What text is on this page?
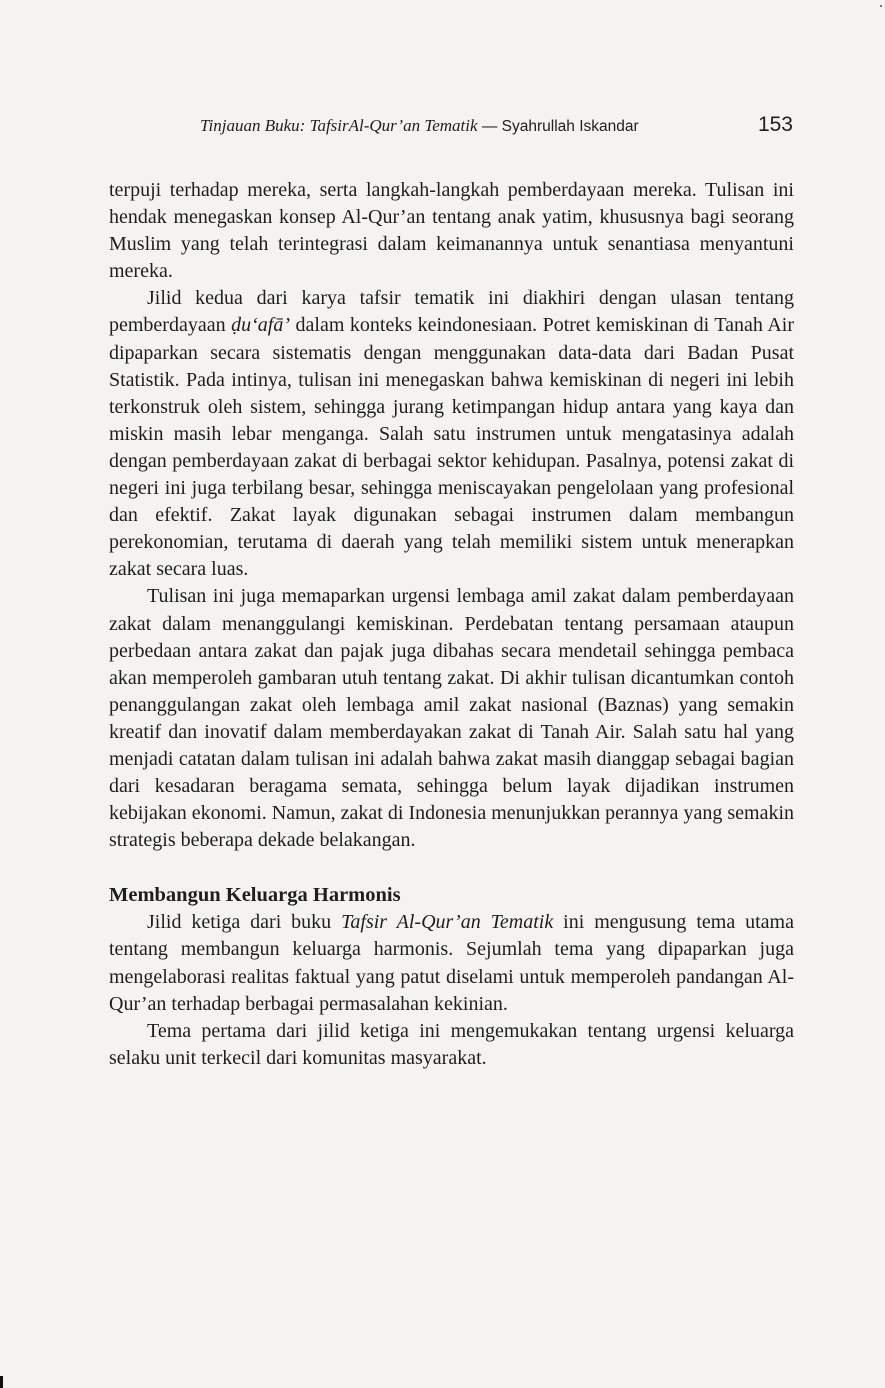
Tinjauan Buku: TafsirAl-Qur’an Tematik — Syahrullah Iskandar	153

terpuji terhadap mereka, serta langkah-langkah pemberdayaan mereka. Tulisan ini hendak menegaskan konsep Al-Qur’an tentang anak yatim, khususnya bagi seorang Muslim yang telah terintegrasi dalam keimanannya untuk senantiasa menyantuni mereka.

Jilid kedua dari karya tafsir tematik ini diakhiri dengan ulasan tentang pemberdayaan ḍu‘afā’ dalam konteks keindonesiaan. Potret kemiskinan di Tanah Air dipaparkan secara sistematis dengan menggunakan data-data dari Badan Pusat Statistik. Pada intinya, tulisan ini menegaskan bahwa kemiskinan di negeri ini lebih terkonstruk oleh sistem, sehingga jurang ketimpangan hidup antara yang kaya dan miskin masih lebar menganga. Salah satu instrumen untuk mengatasinya adalah dengan pemberdayaan zakat di berbagai sektor kehidupan. Pasalnya, potensi zakat di negeri ini juga terbilang besar, sehingga meniscayakan pengelolaan yang profesional dan efektif. Zakat layak digunakan sebagai instrumen dalam membangun perekonomian, terutama di daerah yang telah memiliki sistem untuk menerapkan zakat secara luas.

Tulisan ini juga memaparkan urgensi lembaga amil zakat dalam pemberdayaan zakat dalam menanggulangi kemiskinan. Perdebatan tentang persamaan ataupun perbedaan antara zakat dan pajak juga dibahas secara mendetail sehingga pembaca akan memperoleh gambaran utuh tentang zakat. Di akhir tulisan dicantumkan contoh penanggulangan zakat oleh lembaga amil zakat nasional (Baznas) yang semakin kreatif dan inovatif dalam memberdayakan zakat di Tanah Air. Salah satu hal yang menjadi catatan dalam tulisan ini adalah bahwa zakat masih dianggap sebagai bagian dari kesadaran beragama semata, sehingga belum layak dijadikan instrumen kebijakan ekonomi. Namun, zakat di Indonesia menunjukkan perannya yang semakin strategis beberapa dekade belakangan.

Membangun Keluarga Harmonis

Jilid ketiga dari buku Tafsir Al-Qur’an Tematik ini mengusung tema utama tentang membangun keluarga harmonis. Sejumlah tema yang dipaparkan juga mengelaborasi realitas faktual yang patut diselami untuk memperoleh pandangan Al-Qur’an terhadap berbagai permasalahan kekinian.

Tema pertama dari jilid ketiga ini mengemukakan tentang urgensi keluarga selaku unit terkecil dari komunitas masyarakat.
